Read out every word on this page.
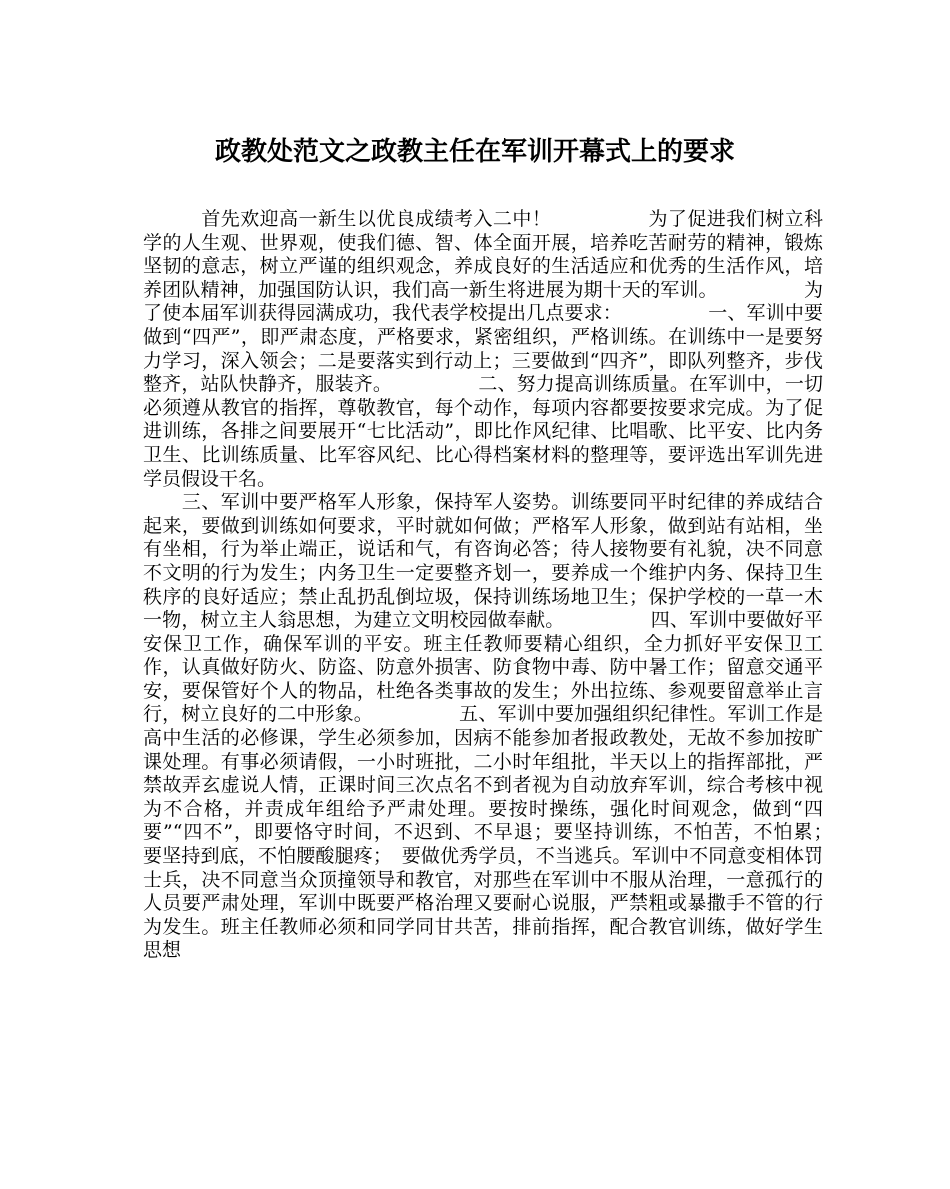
政教处范文之政教主任在军训开幕式上的要求

　　　首先欢迎高一新生以优良成绩考入二中！　　　　　为了促进我们树立科学的人生观、世界观，使我们德、智、体全面开展，培养吃苦耐劳的精神，锻炼坚韧的意志，树立严谨的组织观念，养成良好的生活适应和优秀的生活作风，培养团队精神，加强国防认识，我们高一新生将进展为期十天的军训。　　　　　为了使本届军训获得园满成功，我代表学校提出几点要求：　　　　　一、军训中要做到“四严”，即严肃态度，严格要求，紧密组织，严格训练。在训练中一是要努力学习，深入领会；二是要落实到行动上；三要做到“四齐”，即队列整齐，步伐整齐，站队快静齐，服装齐。　　　　　二、努力提高训练质量。在军训中，一切必须遵从教官的指挥，尊敬教官，每个动作，每项内容都要按要求完成。为了促进训练，各排之间要展开“七比活动”，即比作风纪律、比唱歌、比平安、比内务卫生、比训练质量、比军容风纪、比心得档案材料的整理等，要评选出军训先进学员假设干名。

　　三、军训中要严格军人形象，保持军人姿势。训练要同平时纪律的养成结合起来，要做到训练如何要求，平时就如何做；严格军人形象，做到站有站相，坐有坐相，行为举止端正，说话和气，有咨询必答；待人接物要有礼貌，决不同意不文明的行为发生；内务卫生一定要整齐划一，要养成一个维护内务、保持卫生秩序的良好适应；禁止乱扔乱倒垃圾，保持训练场地卫生；保护学校的一草一木一物，树立主人翁思想，为建立文明校园做奉献。　　　　　四、军训中要做好平安保卫工作，确保军训的平安。班主任教师要精心组织，全力抓好平安保卫工作，认真做好防火、防盗、防意外损害、防食物中毒、防中暑工作；留意交通平安，要保管好个人的物品，杜绝各类事故的发生；外出拉练、参观要留意举止言行，树立良好的二中形象。　　　　　五、军训中要加强组织纪律性。军训工作是高中生活的必修课，学生必须参加，因病不能参加者报政教处，无故不参加按旷课处理。有事必须请假，一小时班批，二小时年组批，半天以上的指挥部批，严禁故弄玄虚说人情，正课时间三次点名不到者视为自动放弃军训，综合考核中视为不合格，并责成年组给予严肃处理。要按时操练，强化时间观念，做到“四要”“四不”，即要恪守时间，不迟到、不早退；要坚持训练，不怕苦，不怕累；　要坚持到底，不怕腰酸腿疼；　要做优秀学员，不当逃兵。军训中不同意变相体罚士兵，决不同意当众顶撞领导和教官，对那些在军训中不服从治理，一意孤行的人员要严肃处理，军训中既要严格治理又要耐心说服，严禁粗或暴撒手不管的行为发生。班主任教师必须和同学同甘共苦，排前指挥，配合教官训练，做好学生思想
